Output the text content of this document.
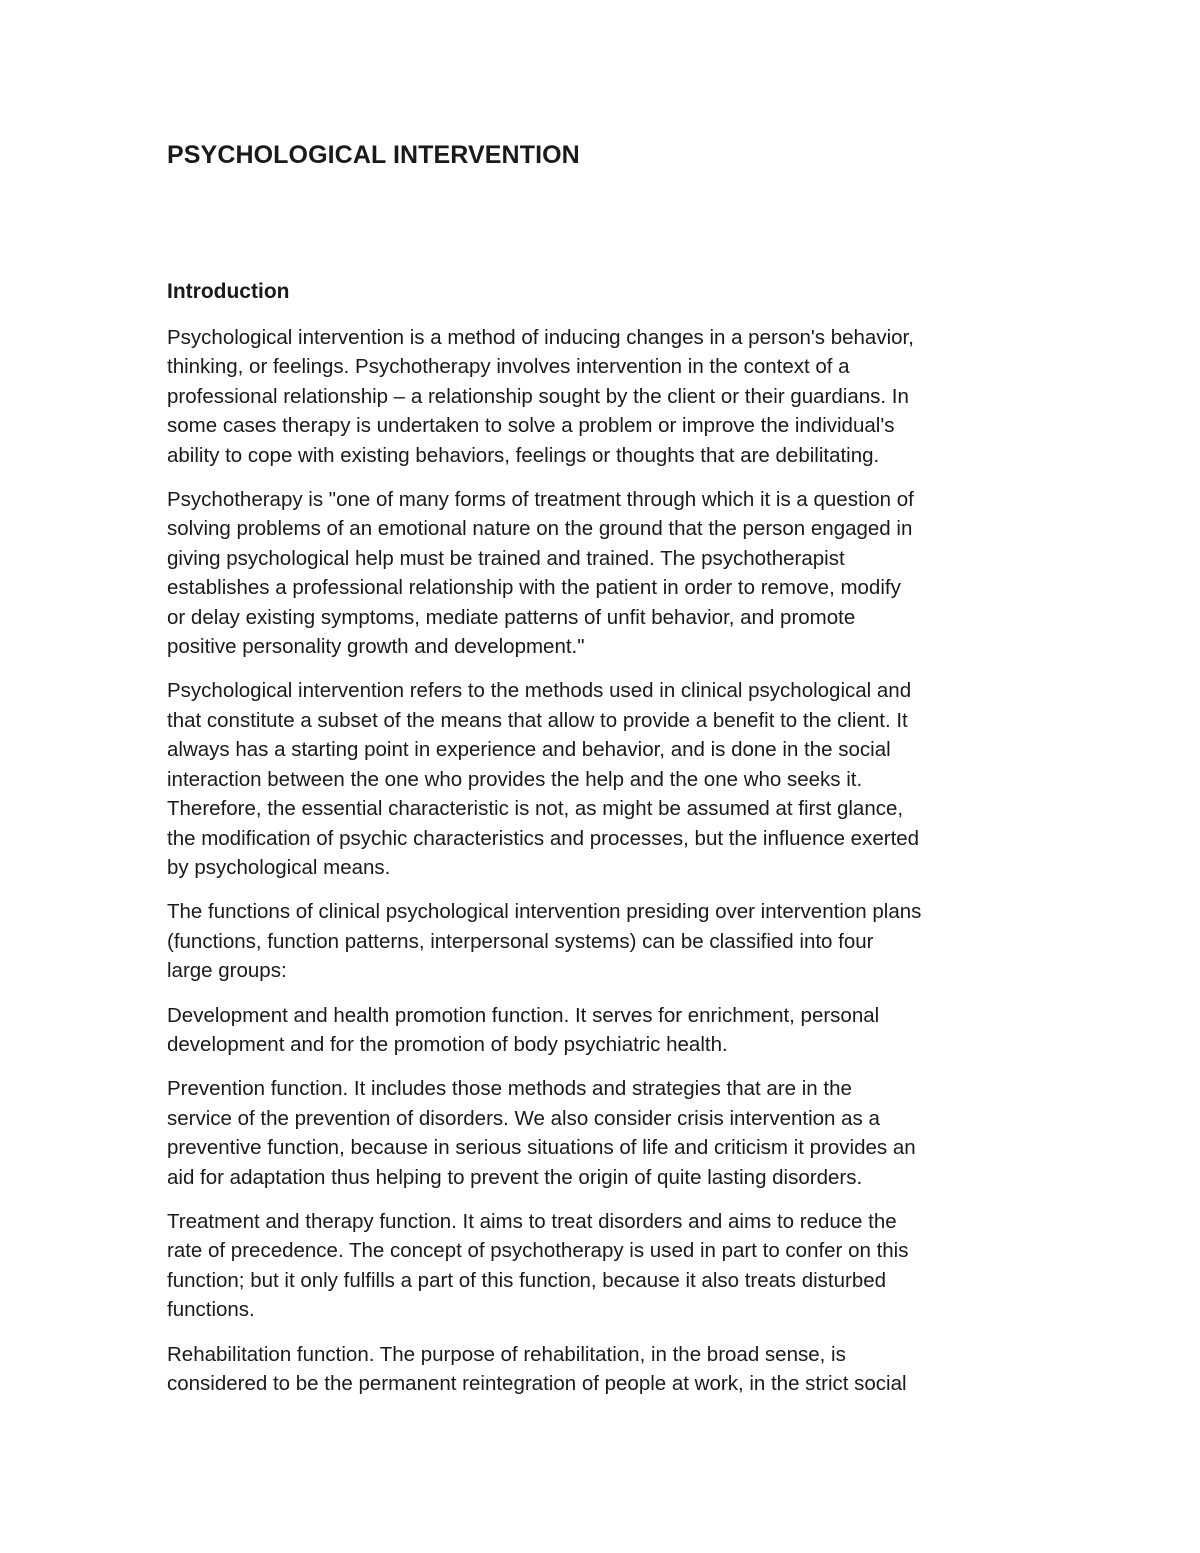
PSYCHOLOGICAL INTERVENTION
Introduction

Psychological intervention is a method of inducing changes in a person's behavior,
thinking, or feelings. Psychotherapy involves intervention in the context of a
professional relationship – a relationship sought by the client or their guardians. In
some cases therapy is undertaken to solve a problem or improve the individual's
ability to cope with existing behaviors, feelings or thoughts that are debilitating.

Psychotherapy is "one of many forms of treatment through which it is a question of
solving problems of an emotional nature on the ground that the person engaged in
giving psychological help must be trained and trained. The psychotherapist
establishes a professional relationship with the patient in order to remove, modify
or delay existing symptoms, mediate patterns of unfit behavior, and promote
positive personality growth and development."

Psychological intervention refers to the methods used in clinical psychological and
that constitute a subset of the means that allow to provide a benefit to the client. It
always has a starting point in experience and behavior, and is done in the social
interaction between the one who provides the help and the one who seeks it.
Therefore, the essential characteristic is not, as might be assumed at first glance,
the modification of psychic characteristics and processes, but the influence exerted
by psychological means.

The functions of clinical psychological intervention presiding over intervention plans
(functions, function patterns, interpersonal systems) can be classified into four
large groups:

Development and health promotion function. It serves for enrichment, personal
development and for the promotion of body psychiatric health.

Prevention function. It includes those methods and strategies that are in the
service of the prevention of disorders. We also consider crisis intervention as a
preventive function, because in serious situations of life and criticism it provides an
aid for adaptation thus helping to prevent the origin of quite lasting disorders.

Treatment and therapy function. It aims to treat disorders and aims to reduce the
rate of precedence. The concept of psychotherapy is used in part to confer on this
function; but it only fulfills a part of this function, because it also treats disturbed
functions.

Rehabilitation function. The purpose of rehabilitation, in the broad sense, is
considered to be the permanent reintegration of people at work, in the strict social
